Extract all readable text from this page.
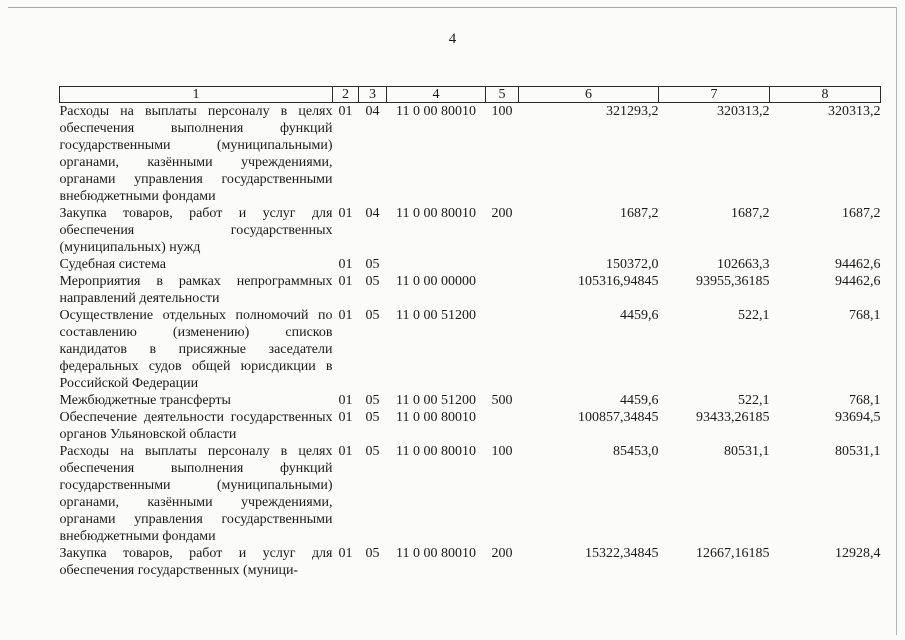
4
1	2	3	4	5	6	7	8
Расходы на выплаты персоналу в целях обеспечения выполнения функций государственными (муниципальными) органами, казёнными учреждениями, органами управления государственными внебюджетными фондами	01	04	11 0 00 80010	100	321293,2	320313,2	320313,2
Закупка товаров, работ и услуг для обеспечения государственных (муниципальных) нужд	01	04	11 0 00 80010	200	1687,2	1687,2	1687,2
Судебная система	01	05			150372,0	102663,3	94462,6
Мероприятия в рамках непрограммных направлений деятельности	01	05	11 0 00 00000		105316,94845	93955,36185	94462,6
Осуществление отдельных полномочий по составлению (изменению) списков кандидатов в присяжные заседатели федеральных судов общей юрисдикции в Российской Федерации	01	05	11 0 00 51200		4459,6	522,1	768,1
Межбюджетные трансферты	01	05	11 0 00 51200	500	4459,6	522,1	768,1
Обеспечение деятельности государственных органов Ульяновской области	01	05	11 0 00 80010		100857,34845	93433,26185	93694,5
Расходы на выплаты персоналу в целях обеспечения выполнения функций государственными (муниципальными) органами, казёнными учреждениями, органами управления государственными внебюджетными фондами	01	05	11 0 00 80010	100	85453,0	80531,1	80531,1
Закупка товаров, работ и услуг для обеспечения государственных (муници-	01	05	11 0 00 80010	200	15322,34845	12667,16185	12928,4
